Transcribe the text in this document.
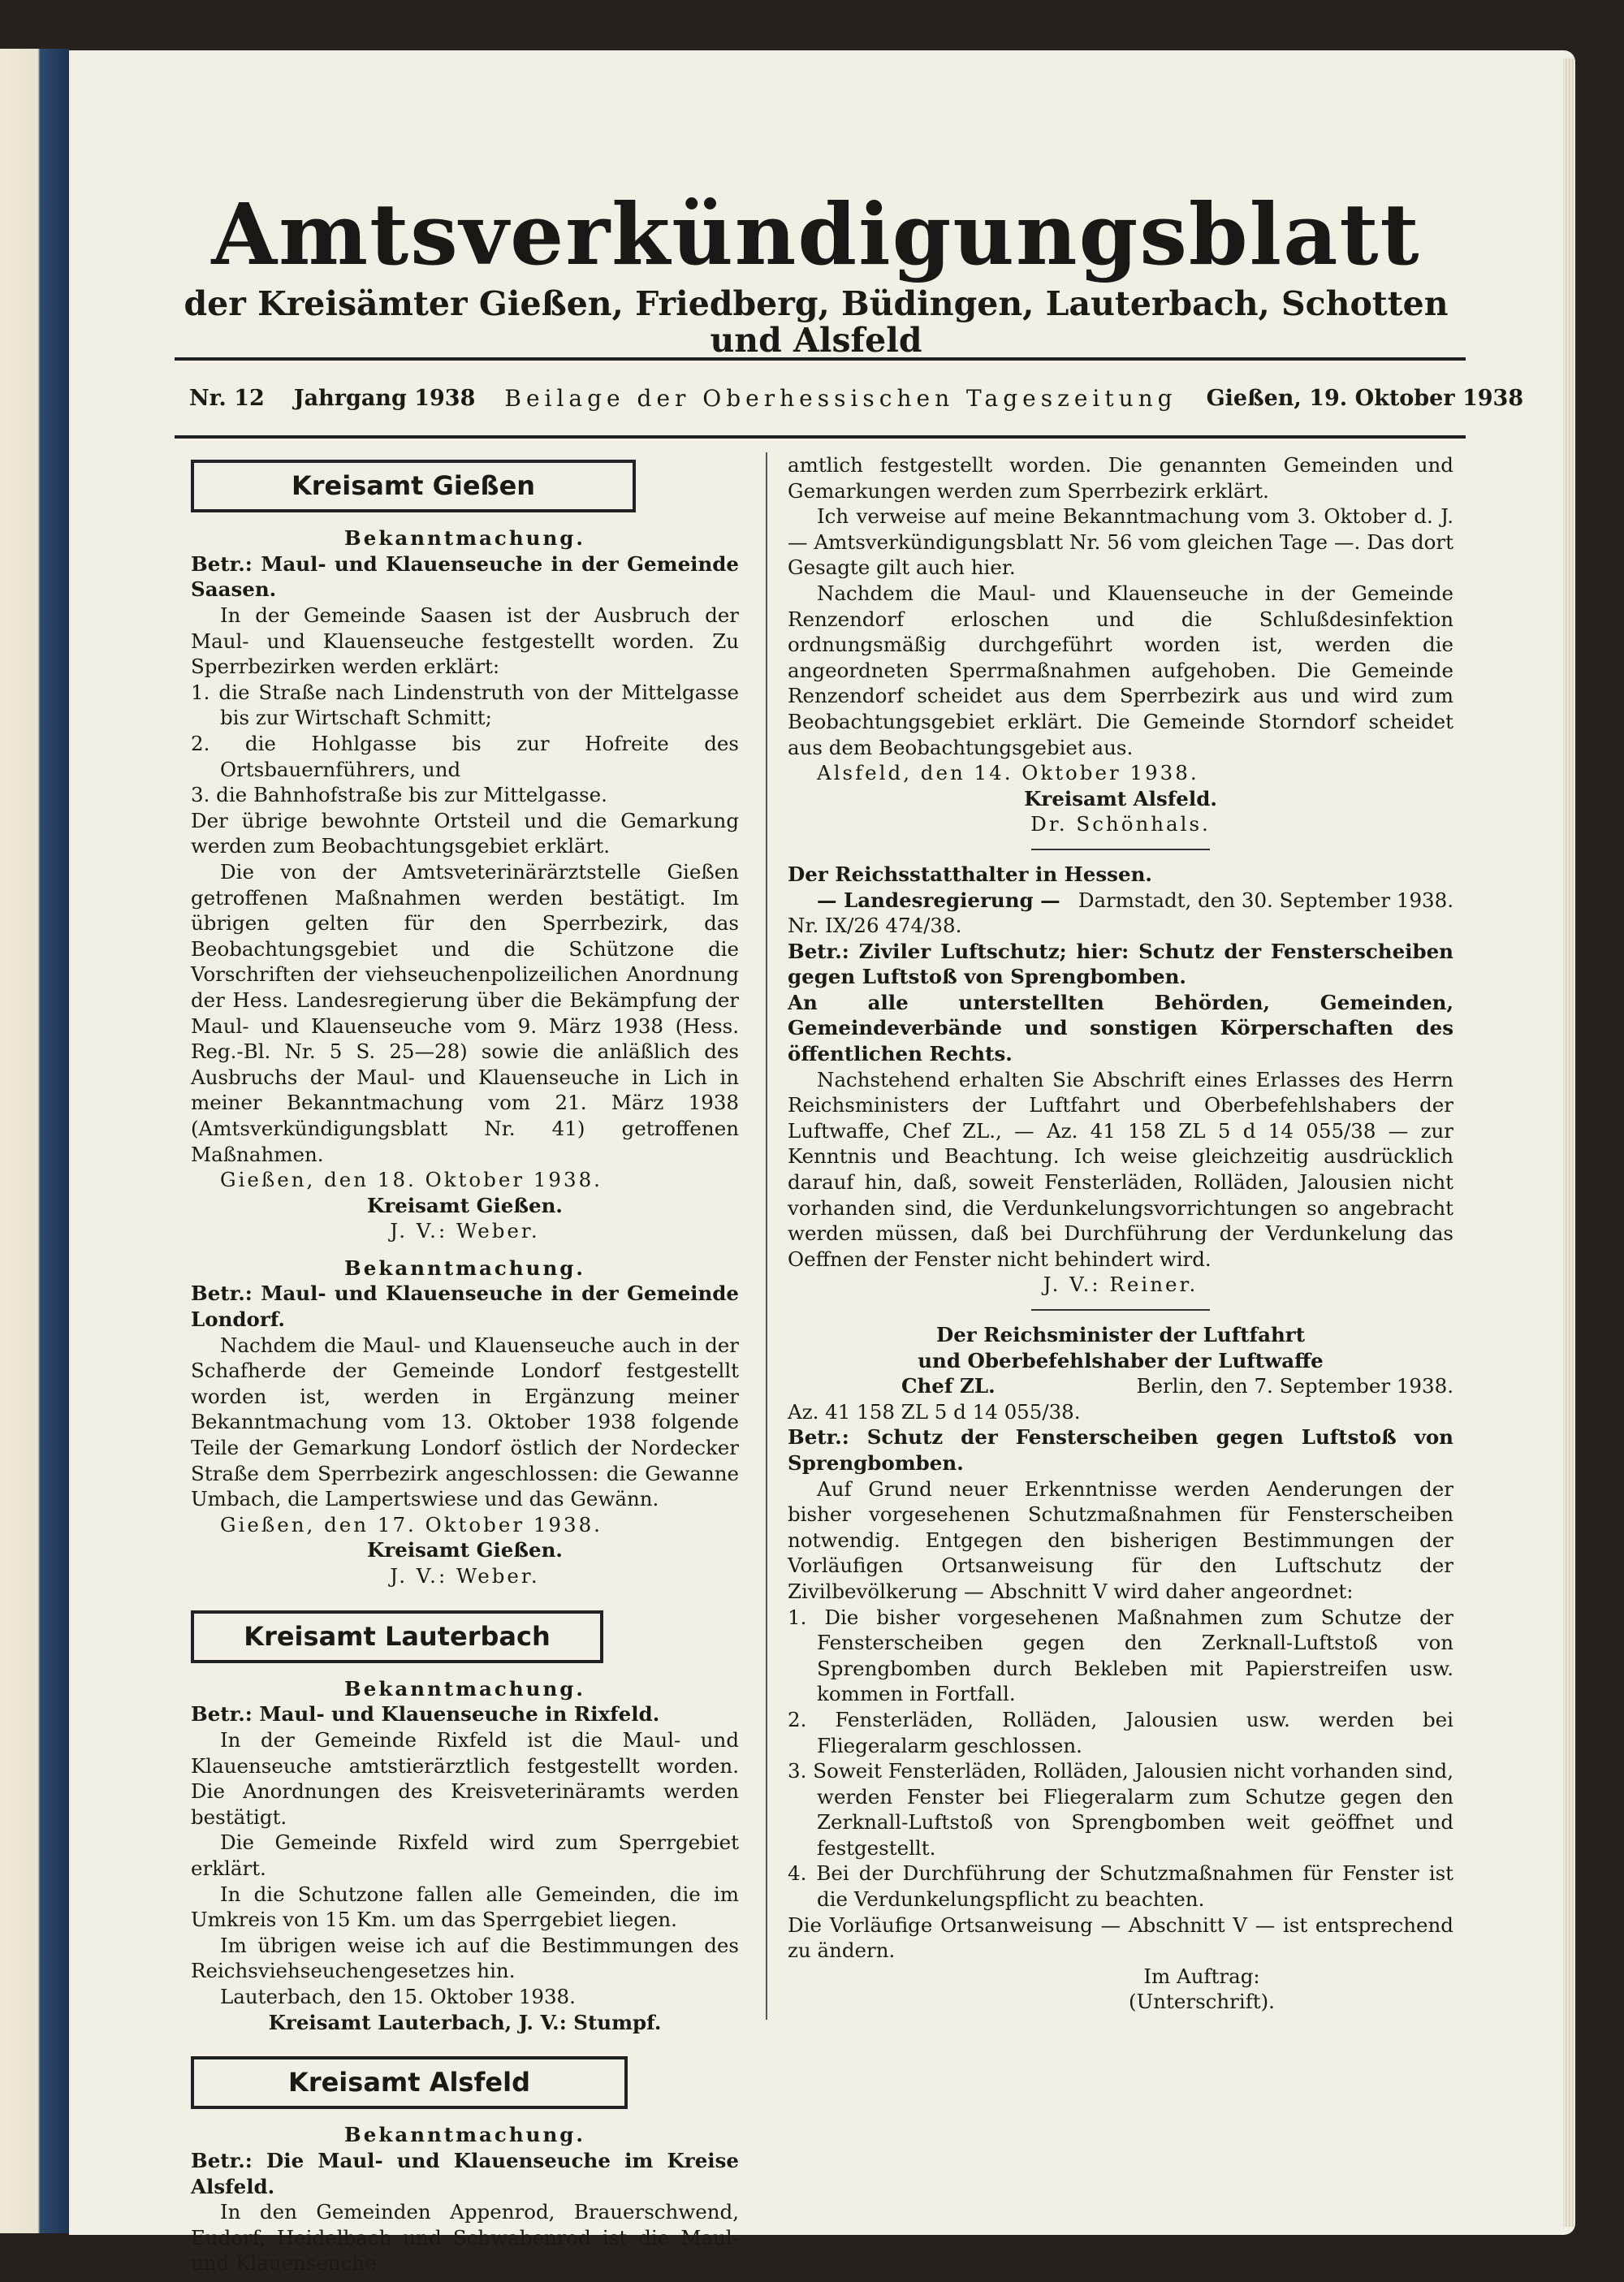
Amtsverkündigungsblatt
der Kreisämter Gießen, Friedberg, Büdingen, Lauterbach, Schotten und Alsfeld
Nr. 12	Jahrgang 1938	Beilage der Oberhessischen Tageszeitung	Gießen, 19. Oktober 1938
Kreisamt Gießen

Bekanntmachung.

Betr.: Maul- und Klauenseuche in der Gemeinde Saasen.

In der Gemeinde Saasen ist der Ausbruch der Maul- und Klauenseuche festgestellt worden. Zu Sperrbezirken werden erklärt:

1. die Straße nach Lindenstruth von der Mittelgasse bis zur Wirtschaft Schmitt;

2. die Hohlgasse bis zur Hofreite des Ortsbauernführers, und

3. die Bahnhofstraße bis zur Mittelgasse.

Der übrige bewohnte Ortsteil und die Gemarkung werden zum Beobachtungsgebiet erklärt.

Die von der Amtsveterinärärztstelle Gießen getroffenen Maßnahmen werden bestätigt. Im übrigen gelten für den Sperrbezirk, das Beobachtungsgebiet und die Schützone die Vorschriften der viehseuchenpolizeilichen Anordnung der Hess. Landesregierung über die Bekämpfung der Maul- und Klauenseuche vom 9. März 1938 (Hess. Reg.-Bl. Nr. 5 S. 25—28) sowie die anläßlich des Ausbruchs der Maul- und Klauenseuche in Lich in meiner Bekanntmachung vom 21. März 1938 (Amtsverkündigungsblatt Nr. 41) getroffenen Maßnahmen.

Gießen, den 18. Oktober 1938.

Kreisamt Gießen.

J. V.: Weber.

Bekanntmachung.

Betr.: Maul- und Klauenseuche in der Gemeinde Londorf.

Nachdem die Maul- und Klauenseuche auch in der Schafherde der Gemeinde Londorf festgestellt worden ist, werden in Ergänzung meiner Bekanntmachung vom 13. Oktober 1938 folgende Teile der Gemarkung Londorf östlich der Nordecker Straße dem Sperrbezirk angeschlossen: die Gewanne Umbach, die Lampertswiese und das Gewänn.

Gießen, den 17. Oktober 1938.

Kreisamt Gießen.

J. V.: Weber.

Kreisamt Lauterbach

Bekanntmachung.

Betr.: Maul- und Klauenseuche in Rixfeld.

In der Gemeinde Rixfeld ist die Maul- und Klauenseuche amtstierärztlich festgestellt worden. Die Anordnungen des Kreisveterinäramts werden bestätigt.

Die Gemeinde Rixfeld wird zum Sperrgebiet erklärt.

In die Schutzone fallen alle Gemeinden, die im Umkreis von 15 Km. um das Sperrgebiet liegen.

Im übrigen weise ich auf die Bestimmungen des Reichsviehseuchengesetzes hin.

Lauterbach, den 15. Oktober 1938.

Kreisamt Lauterbach, J. V.: Stumpf.

Kreisamt Alsfeld

Bekanntmachung.

Betr.: Die Maul- und Klauenseuche im Kreise Alsfeld.

In den Gemeinden Appenrod, Brauerschwend, Eudorf, Heidelbach und Schwabenrod ist die Maul- und Klauenseuche

amtlich festgestellt worden. Die genannten Gemeinden und Gemarkungen werden zum Sperrbezirk erklärt.

Ich verweise auf meine Bekanntmachung vom 3. Oktober d. J. — Amtsverkündigungsblatt Nr. 56 vom gleichen Tage —. Das dort Gesagte gilt auch hier.

Nachdem die Maul- und Klauenseuche in der Gemeinde Renzendorf erloschen und die Schlußdesinfektion ordnungsmäßig durchgeführt worden ist, werden die angeordneten Sperrmaßnahmen aufgehoben. Die Gemeinde Renzendorf scheidet aus dem Sperrbezirk aus und wird zum Beobachtungsgebiet erklärt. Die Gemeinde Storndorf scheidet aus dem Beobachtungsgebiet aus.

Alsfeld, den 14. Oktober 1938.

Kreisamt Alsfeld.

Dr. Schönhals.

Der Reichsstatthalter in Hessen.

— Landesregierung — Darmstadt, den 30. September 1938.

Nr. IX/26 474/38.

Betr.: Ziviler Luftschutz; hier: Schutz der Fensterscheiben gegen Luftstoß von Sprengbomben.

An alle unterstellten Behörden, Gemeinden, Gemeindeverbände und sonstigen Körperschaften des öffentlichen Rechts.

Nachstehend erhalten Sie Abschrift eines Erlasses des Herrn Reichsministers der Luftfahrt und Oberbefehlshabers der Luftwaffe, Chef ZL., — Az. 41 158 ZL 5 d 14 055/38 — zur Kenntnis und Beachtung. Ich weise gleichzeitig ausdrücklich darauf hin, daß, soweit Fensterläden, Rolläden, Jalousien nicht vorhanden sind, die Verdunkelungsvorrichtungen so angebracht werden müssen, daß bei Durchführung der Verdunkelung das Oeffnen der Fenster nicht behindert wird.

J. V.: Reiner.

Der Reichsminister der Luftfahrt

und Oberbefehlshaber der Luftwaffe

Chef ZL.	Berlin, den 7. September 1938.

Az. 41 158 ZL 5 d 14 055/38.

Betr.: Schutz der Fensterscheiben gegen Luftstoß von Sprengbomben.

Auf Grund neuer Erkenntnisse werden Aenderungen der bisher vorgesehenen Schutzmaßnahmen für Fensterscheiben notwendig. Entgegen den bisherigen Bestimmungen der Vorläufigen Ortsanweisung für den Luftschutz der Zivilbevölkerung — Abschnitt V wird daher angeordnet:

1. Die bisher vorgesehenen Maßnahmen zum Schutze der Fensterscheiben gegen den Zerknall-Luftstoß von Sprengbomben durch Bekleben mit Papierstreifen usw. kommen in Fortfall.

2. Fensterläden, Rolläden, Jalousien usw. werden bei Fliegeralarm geschlossen.

3. Soweit Fensterläden, Rolläden, Jalousien nicht vorhanden sind, werden Fenster bei Fliegeralarm zum Schutze gegen den Zerknall-Luftstoß von Sprengbomben weit geöffnet und festgestellt.

4. Bei der Durchführung der Schutzmaßnahmen für Fenster ist die Verdunkelungspflicht zu beachten.

Die Vorläufige Ortsanweisung — Abschnitt V — ist entsprechend zu ändern.

Im Auftrag:

(Unterschrift).
